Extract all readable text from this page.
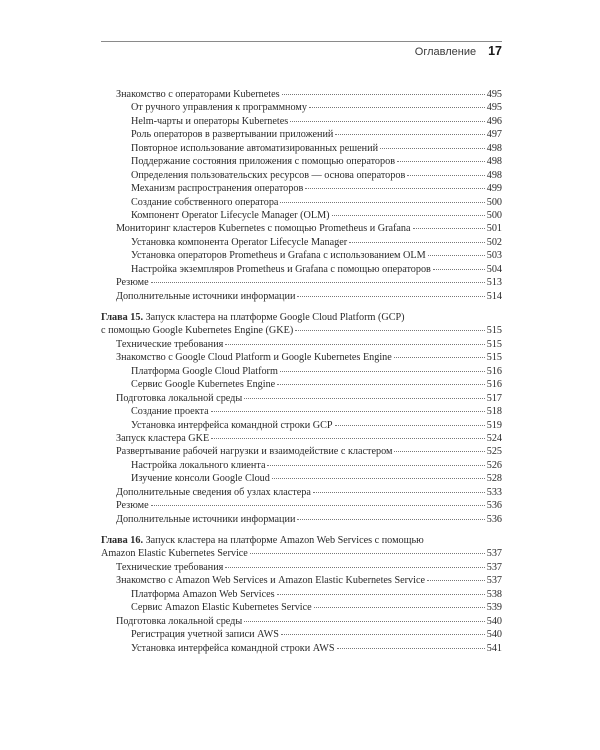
Оглавление 17
Знакомство с операторами Kubernetes	495
От ручного управления к программному	495
Helm-чарты и операторы Kubernetes	496
Роль операторов в развертывании приложений	497
Повторное использование автоматизированных решений	498
Поддержание состояния приложения с помощью операторов	498
Определения пользовательских ресурсов — основа операторов	498
Механизм распространения операторов	499
Создание собственного оператора	500
Компонент Operator Lifecycle Manager (OLM)	500
Мониторинг кластеров Kubernetes с помощью Prometheus и Grafana	501
Установка компонента Operator Lifecycle Manager	502
Установка операторов Prometheus и Grafana с использованием OLM	503
Настройка экземпляров Prometheus и Grafana с помощью операторов	504
Резюме	513
Дополнительные источники информации	514
Глава 15. Запуск кластера на платформе Google Cloud Platform (GCP)
с помощью Google Kubernetes Engine (GKE)	515
Технические требования	515
Знакомство с Google Cloud Platform и Google Kubernetes Engine	515
Платформа Google Cloud Platform	516
Сервис Google Kubernetes Engine	516
Подготовка локальной среды	517
Создание проекта	518
Установка интерфейса командной строки GCP	519
Запуск кластера GKE	524
Развертывание рабочей нагрузки и взаимодействие с кластером	525
Настройка локального клиента	526
Изучение консоли Google Cloud	528
Дополнительные сведения об узлах кластера	533
Резюме	536
Дополнительные источники информации	536
Глава 16. Запуск кластера на платформе Amazon Web Services с помощью
Amazon Elastic Kubernetes Service	537
Технические требования	537
Знакомство с Amazon Web Services и Amazon Elastic Kubernetes Service	537
Платформа Amazon Web Services	538
Сервис Amazon Elastic Kubernetes Service	539
Подготовка локальной среды	540
Регистрация учетной записи AWS	540
Установка интерфейса командной строки AWS	541
